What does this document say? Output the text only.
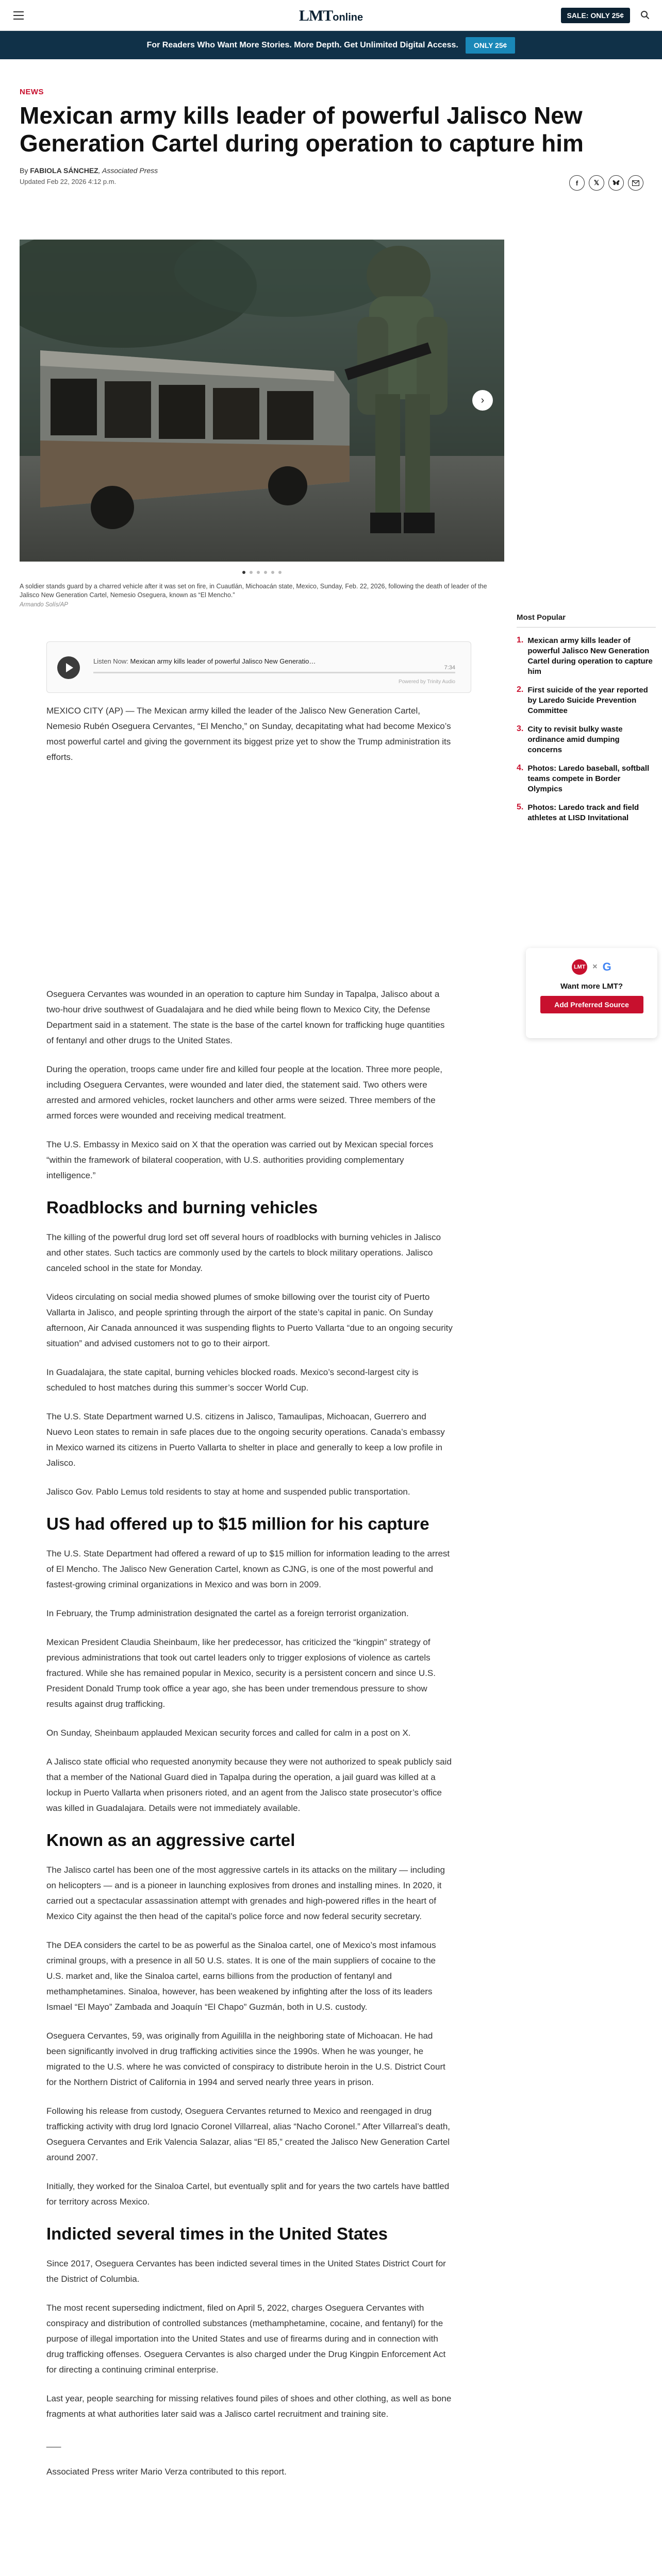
LMTonline	SALE: ONLY 25¢
For Readers Who Want More Stories. More Depth. Get Unlimited Digital Access.	ONLY 25¢
NEWS
Mexican army kills leader of powerful Jalisco New Generation Cartel during operation to capture him
By FABIOLA SÁNCHEZ, Associated Press
Updated Feb 22, 2026 4:12 p.m.	f	𝕏
›
A soldier stands guard by a charred vehicle after it was set on fire, in Cuautlán, Michoacán state, Mexico, Sunday, Feb. 22, 2026, following the death of leader of the Jalisco New Generation Cartel, Nemesio Oseguera, known as “El Mencho.”
Armando Solís/AP
Listen Now: Mexican army kills leader of powerful Jalisco New Generatio…
7:34
Powered by Trinity Audio

MEXICO CITY (AP) — The Mexican army killed the leader of the Jalisco New Generation Cartel, Nemesio Rubén Oseguera Cervantes, “El Mencho,” on Sunday, decapitating what had become Mexico’s most powerful cartel and giving the government its biggest prize yet to show the Trump administration its efforts.

Oseguera Cervantes was wounded in an operation to capture him Sunday in Tapalpa, Jalisco about a two-hour drive southwest of Guadalajara and he died while being flown to Mexico City, the Defense Department said in a statement. The state is the base of the cartel known for trafficking huge quantities of fentanyl and other drugs to the United States.

During the operation, troops came under fire and killed four people at the location. Three more people, including Oseguera Cervantes, were wounded and later died, the statement said. Two others were arrested and armored vehicles, rocket launchers and other arms were seized. Three members of the armed forces were wounded and receiving medical treatment.

The U.S. Embassy in Mexico said on X that the operation was carried out by Mexican special forces “within the framework of bilateral cooperation, with U.S. authorities providing complementary intelligence.”

Roadblocks and burning vehicles

The killing of the powerful drug lord set off several hours of roadblocks with burning vehicles in Jalisco and other states. Such tactics are commonly used by the cartels to block military operations. Jalisco canceled school in the state for Monday.

Videos circulating on social media showed plumes of smoke billowing over the tourist city of Puerto Vallarta in Jalisco, and people sprinting through the airport of the state’s capital in panic. On Sunday afternoon, Air Canada announced it was suspending flights to Puerto Vallarta “due to an ongoing security situation” and advised customers not to go to their airport.

In Guadalajara, the state capital, burning vehicles blocked roads. Mexico’s second-largest city is scheduled to host matches during this summer’s soccer World Cup.

The U.S. State Department warned U.S. citizens in Jalisco, Tamaulipas, Michoacan, Guerrero and Nuevo Leon states to remain in safe places due to the ongoing security operations. Canada’s embassy in Mexico warned its citizens in Puerto Vallarta to shelter in place and generally to keep a low profile in Jalisco.

Jalisco Gov. Pablo Lemus told residents to stay at home and suspended public transportation.

US had offered up to $15 million for his capture

The U.S. State Department had offered a reward of up to $15 million for information leading to the arrest of El Mencho. The Jalisco New Generation Cartel, known as CJNG, is one of the most powerful and fastest-growing criminal organizations in Mexico and was born in 2009.

In February, the Trump administration designated the cartel as a foreign terrorist organization.

Mexican President Claudia Sheinbaum, like her predecessor, has criticized the “kingpin” strategy of previous administrations that took out cartel leaders only to trigger explosions of violence as cartels fractured. While she has remained popular in Mexico, security is a persistent concern and since U.S. President Donald Trump took office a year ago, she has been under tremendous pressure to show results against drug trafficking.

On Sunday, Sheinbaum applauded Mexican security forces and called for calm in a post on X.

A Jalisco state official who requested anonymity because they were not authorized to speak publicly said that a member of the National Guard died in Tapalpa during the operation, a jail guard was killed at a lockup in Puerto Vallarta when prisoners rioted, and an agent from the Jalisco state prosecutor’s office was killed in Guadalajara. Details were not immediately available.

Known as an aggressive cartel

The Jalisco cartel has been one of the most aggressive cartels in its attacks on the military — including on helicopters — and is a pioneer in launching explosives from drones and installing mines. In 2020, it carried out a spectacular assassination attempt with grenades and high-powered rifles in the heart of Mexico City against the then head of the capital’s police force and now federal security secretary.

The DEA considers the cartel to be as powerful as the Sinaloa cartel, one of Mexico’s most infamous criminal groups, with a presence in all 50 U.S. states. It is one of the main suppliers of cocaine to the U.S. market and, like the Sinaloa cartel, earns billions from the production of fentanyl and methamphetamines. Sinaloa, however, has been weakened by infighting after the loss of its leaders Ismael “El Mayo” Zambada and Joaquín “El Chapo” Guzmán, both in U.S. custody.

Oseguera Cervantes, 59, was originally from Aguililla in the neighboring state of Michoacan. He had been significantly involved in drug trafficking activities since the 1990s. When he was younger, he migrated to the U.S. where he was convicted of conspiracy to distribute heroin in the U.S. District Court for the Northern District of California in 1994 and served nearly three years in prison.

Following his release from custody, Oseguera Cervantes returned to Mexico and reengaged in drug trafficking activity with drug lord Ignacio Coronel Villarreal, alias “Nacho Coronel.” After Villarreal’s death, Oseguera Cervantes and Erik Valencia Salazar, alias “El 85,” created the Jalisco New Generation Cartel around 2007.

Initially, they worked for the Sinaloa Cartel, but eventually split and for years the two cartels have battled for territory across Mexico.

Indicted several times in the United States

Since 2017, Oseguera Cervantes has been indicted several times in the United States District Court for the District of Columbia.

The most recent superseding indictment, filed on April 5, 2022, charges Oseguera Cervantes with conspiracy and distribution of controlled substances (methamphetamine, cocaine, and fentanyl) for the purpose of illegal importation into the United States and use of firearms during and in connection with drug trafficking offenses. Oseguera Cervantes is also charged under the Drug Kingpin Enforcement Act for directing a continuing criminal enterprise.

Last year, people searching for missing relatives found piles of shoes and other clothing, as well as bone fragments at what authorities later said was a Jalisco cartel recruitment and training site.

___

Associated Press writer Mario Verza contributed to this report.

Most Popular
1. Mexican army kills leader of powerful Jalisco New Generation Cartel during operation to capture him
2. First suicide of the year reported by Laredo Suicide Prevention Committee
3. City to revisit bulky waste ordinance amid dumping concerns
4. Photos: Laredo baseball, softball teams compete in Border Olympics
5. Photos: Laredo track and field athletes at LISD Invitational
LMT × G
Want more LMT?
Add Preferred Source
